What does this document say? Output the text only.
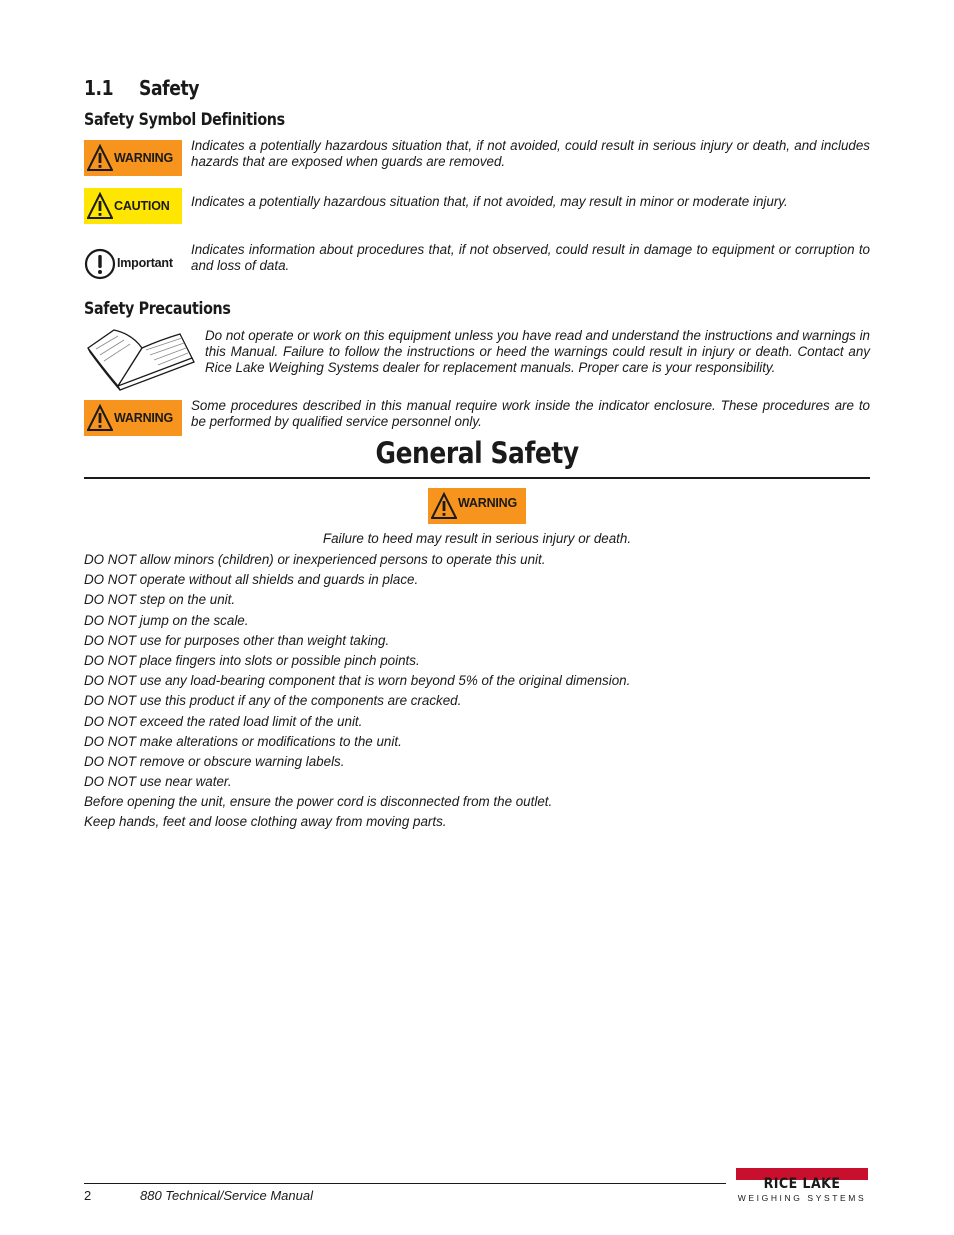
1.1 Safety
Safety Symbol Definitions
WARNING
Indicates a potentially hazardous situation that, if not avoided, could result in serious injury or death, and includes hazards that are exposed when guards are removed.
CAUTION Indicates a potentially hazardous situation that, if not avoided, may result in minor or moderate injury.
Important
Indicates information about procedures that, if not observed, could result in damage to equipment or corruption to and loss of data.
Safety Precautions
Do not operate or work on this equipment unless you have read and understand the instructions and warnings in this Manual. Failure to follow the instructions or heed the warnings could result in injury or death. Contact any Rice Lake Weighing Systems dealer for replacement manuals. Proper care is your responsibility.
WARNING
Some procedures described in this manual require work inside the indicator enclosure. These procedures are to be performed by qualified service personnel only.
General Safety
WARNING
Failure to heed may result in serious injury or death.
DO NOT allow minors (children) or inexperienced persons to operate this unit.
DO NOT operate without all shields and guards in place.
DO NOT step on the unit.
DO NOT jump on the scale.
DO NOT use for purposes other than weight taking.
DO NOT place fingers into slots or possible pinch points.
DO NOT use any load-bearing component that is worn beyond 5% of the original dimension.
DO NOT use this product if any of the components are cracked.
DO NOT exceed the rated load limit of the unit.
DO NOT make alterations or modifications to the unit.
DO NOT remove or obscure warning labels.
DO NOT use near water.
Before opening the unit, ensure the power cord is disconnected from the outlet.
Keep hands, feet and loose clothing away from moving parts.
2	880 Technical/Service Manual
RICE LAKE
WEIGHING SYSTEMS
